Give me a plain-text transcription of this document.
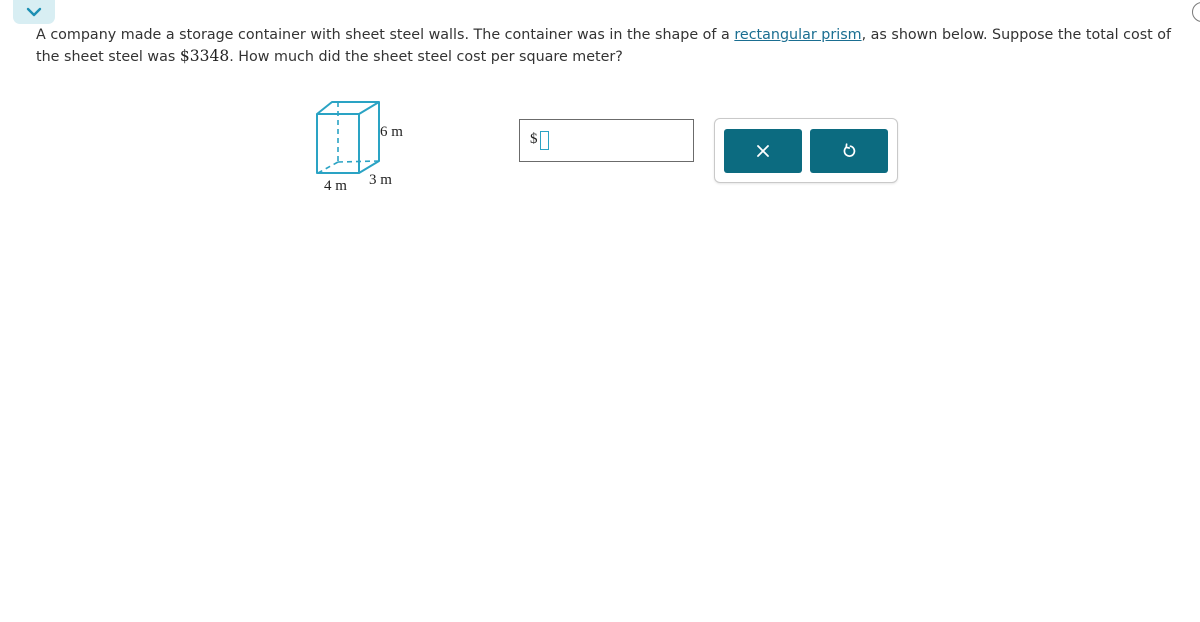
A company made a storage container with sheet steel walls. The container was in the shape of a rectangular prism, as shown below. Suppose the total cost of the sheet steel was $3348. How much did the sheet steel cost per square meter?
6 m
4 m 3 m
$
